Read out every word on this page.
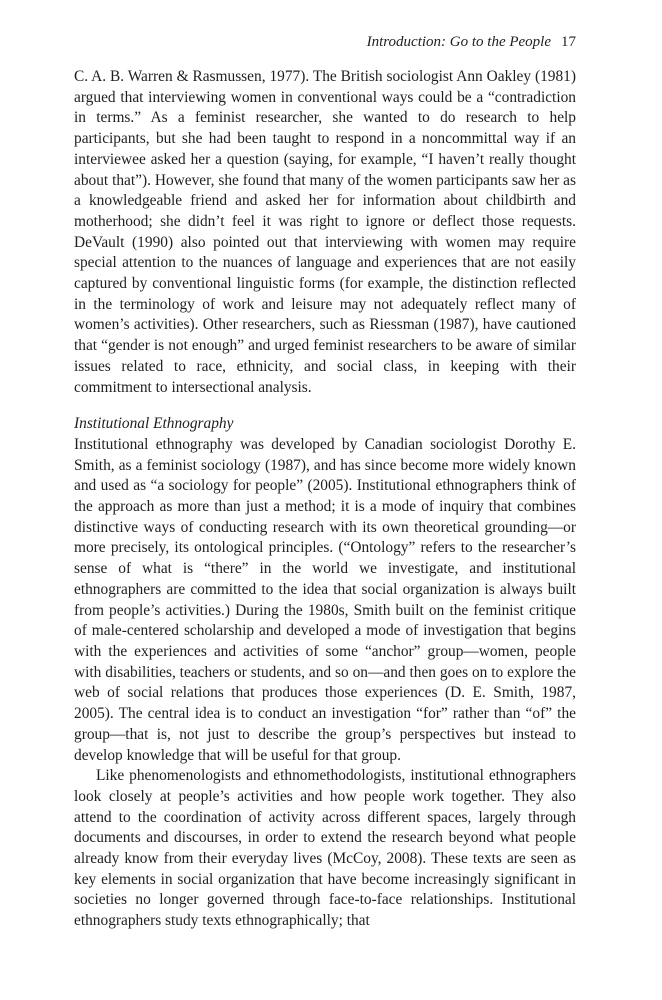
Introduction: Go to the People 17

C. A. B. Warren & Rasmussen, 1977). The British sociologist Ann Oakley (1981) argued that interviewing women in conventional ways could be a “contradiction in terms.” As a feminist researcher, she wanted to do research to help participants, but she had been taught to respond in a noncommittal way if an interviewee asked her a question (saying, for example, “I haven’t really thought about that”). However, she found that many of the women participants saw her as a knowledgeable friend and asked her for information about childbirth and motherhood; she didn’t feel it was right to ignore or deflect those requests. DeVault (1990) also pointed out that interviewing with women may require special attention to the nuances of language and experiences that are not easily captured by conventional linguistic forms (for example, the distinction reflected in the terminology of work and leisure may not adequately reflect many of women’s activities). Other researchers, such as Riessman (1987), have cautioned that “gender is not enough” and urged feminist researchers to be aware of similar issues related to race, ethnicity, and social class, in keeping with their commitment to intersectional analysis.

Institutional Ethnography

Institutional ethnography was developed by Canadian sociologist Dorothy E. Smith, as a feminist sociology (1987), and has since become more widely known and used as “a sociology for people” (2005). Institutional ethnographers think of the approach as more than just a method; it is a mode of inquiry that combines distinctive ways of conducting research with its own theoretical grounding—or more precisely, its ontological principles. (“Ontology” refers to the researcher’s sense of what is “there” in the world we investigate, and institutional ethnographers are committed to the idea that social organization is always built from people’s activities.) During the 1980s, Smith built on the feminist critique of male-centered scholarship and developed a mode of investigation that begins with the experiences and activities of some “anchor” group—women, people with disabilities, teachers or students, and so on—and then goes on to explore the web of social relations that produces those experiences (D. E. Smith, 1987, 2005). The central idea is to conduct an investigation “for” rather than “of” the group—that is, not just to describe the group’s perspectives but instead to develop knowledge that will be useful for that group.

Like phenomenologists and ethnomethodologists, institutional ethnographers look closely at people’s activities and how people work together. They also attend to the coordination of activity across different spaces, largely through documents and discourses, in order to extend the research beyond what people already know from their everyday lives (McCoy, 2008). These texts are seen as key elements in social organization that have become increasingly significant in societies no longer governed through face-to-face relationships. Institutional ethnographers study texts ethnographically; that
